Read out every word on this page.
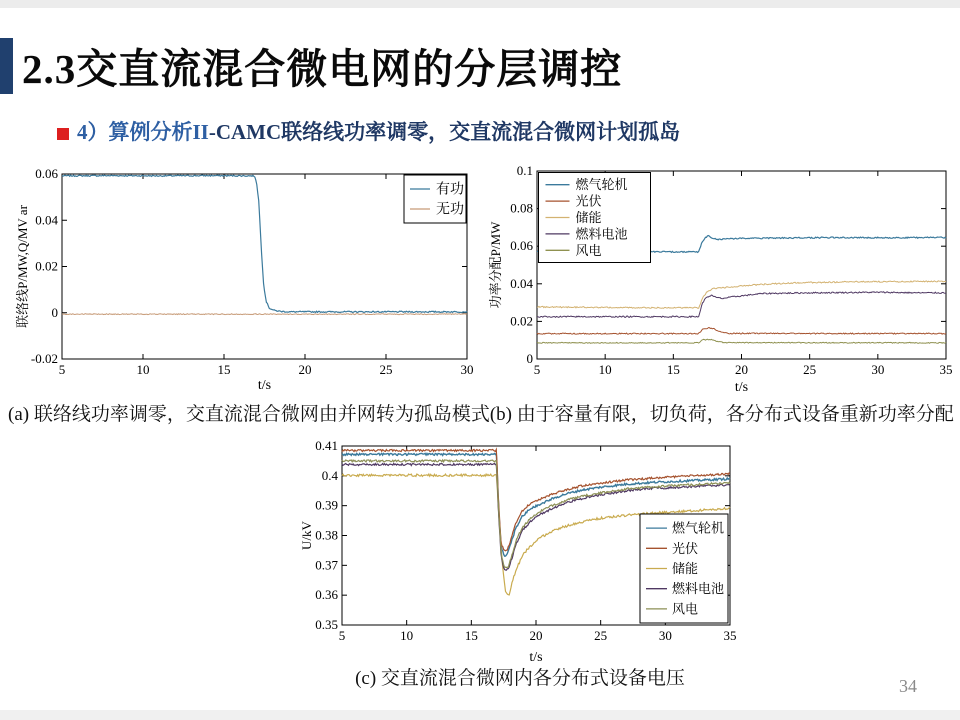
2.3交直流混合微电网的分层调控
4）算例分析II-CAMC联络线功率调零，交直流混合微网计划孤岛
5	10	15	20	25	30
-0.02
0
0.02
0.04
0.06
t/s
联络线P/MW,Q/MV ar
有功
无功
5	10	15	20	25	30	35
0
0.02
0.04
0.06
0.08
0.1
t/s
功率分配P/MW
燃气轮机
光伏
储能
燃料电池
风电
(a) 联络线功率调零，交直流混合微网由并网转为孤岛模式(b) 由于容量有限，切负荷，各分布式设备重新功率分配
5	10	15	20	25	30	35
0.35
0.36
0.37
0.38
0.39
0.4
0.41
t/s
U/kV	燃气轮机
光伏
储能
燃料电池
风电
(c) 交直流混合微网内各分布式设备电压	34
